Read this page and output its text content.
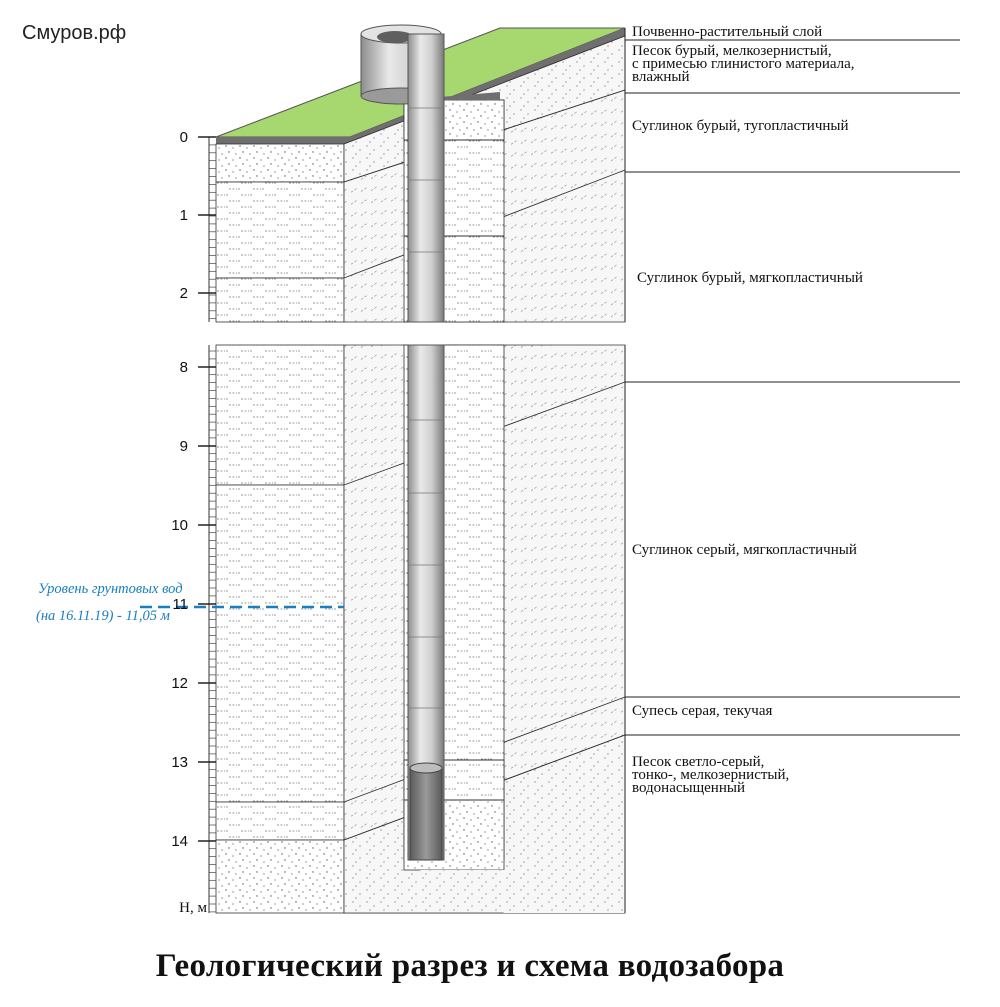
0
1
2
8
9
10
11
12
13
14
Н, м
Смуров.рф
Уровень грунтовых вод
(на 16.11.19) - 11,05 м
Почвенно-растительный слой
Песок бурый, мелкозернистый,
с примесью глинистого материала,
влажный
Суглинок бурый, тугопластичный
Суглинок бурый, мягкопластичный
Суглинок серый, мягкопластичный
Супесь серая, текучая
Песок светло-серый,
тонко-, мелкозернистый,
водонасыщенный
Геологический разрез и схема водозабора
